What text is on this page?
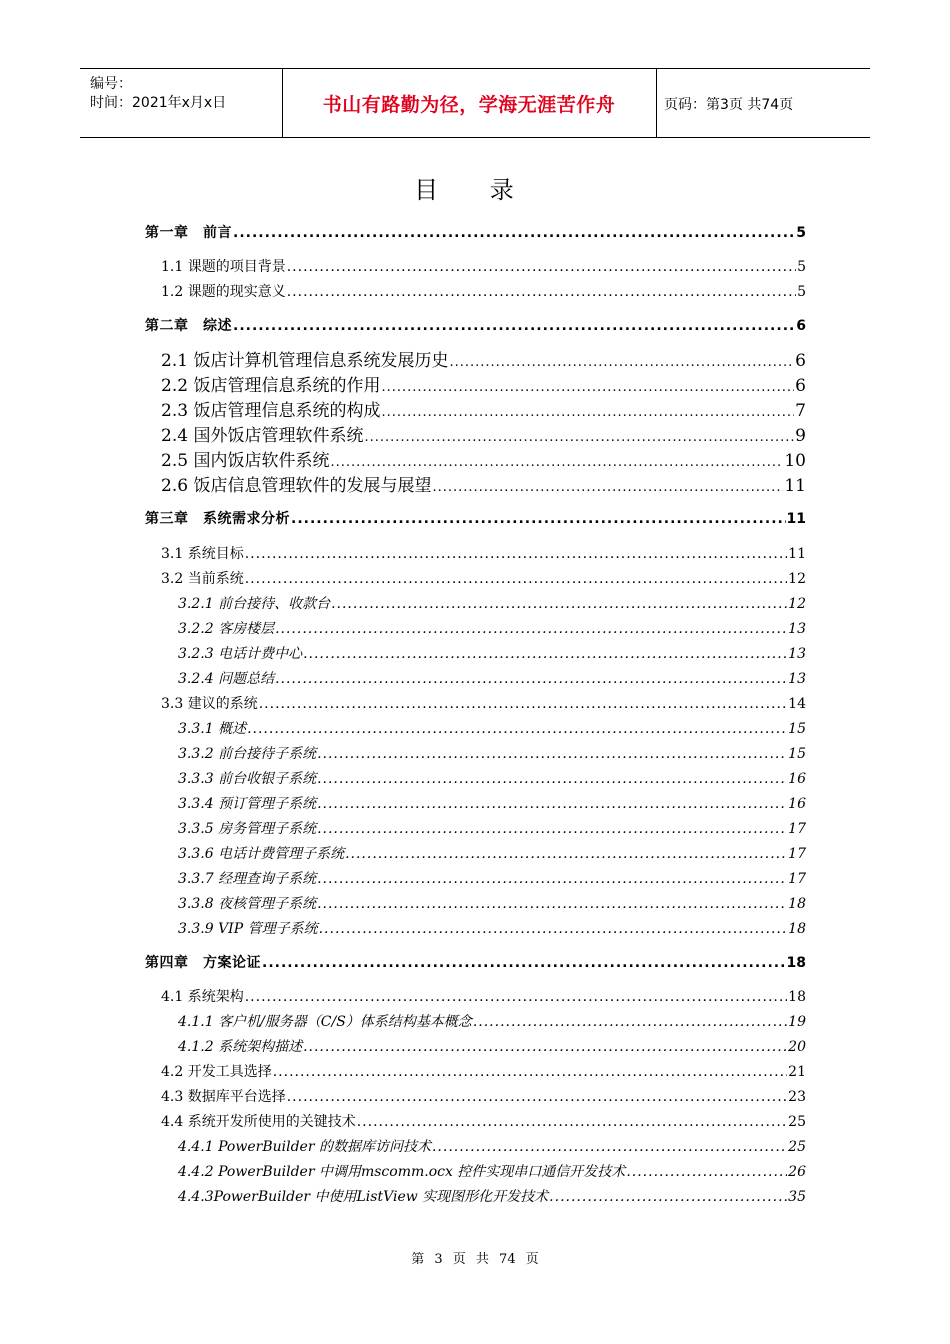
编号：
时间：2021年x月x日	书山有路勤为径，学海无涯苦作舟	页码：第3页 共74页
目 录
第一章　前言 .....	5
1.1 课题的项目背景 .....	5
1.2 课题的现实意义 .....	5
第二章　综述 .....	6
2.1 饭店计算机管理信息系统发展历史 .....	6
2.2 饭店管理信息系统的作用 .....	6
2.3 饭店管理信息系统的构成 .....	7
2.4 国外饭店管理软件系统 .....	9
2.5 国内饭店软件系统 .....	10
2.6 饭店信息管理软件的发展与展望 .....	11
第三章　系统需求分析 .....	11
3.1 系统目标 .....	11
3.2 当前系统 .....	12
3.2.1 前台接待、收款台 .....	12
3.2.2 客房楼层 .....	13
3.2.3 电话计费中心 .....	13
3.2.4 问题总结 .....	13
3.3 建议的系统 .....	14
3.3.1 概述 .....	15
3.3.2 前台接待子系统 .....	15
3.3.3 前台收银子系统 .....	16
3.3.4 预订管理子系统 .....	16
3.3.5 房务管理子系统 .....	17
3.3.6 电话计费管理子系统 .....	17
3.3.7 经理查询子系统 .....	17
3.3.8 夜核管理子系统 .....	18
3.3.9 VIP 管理子系统 .....	18
第四章　方案论证 .....	18
4.1 系统架构 .....	18
4.1.1 客户机/服务器（C/S）体系结构基本概念 .....	19
4.1.2 系统架构描述 .....	20
4.2 开发工具选择 .....	21
4.3 数据库平台选择 .....	23
4.4 系统开发所使用的关键技术 .....	25
4.4.1 PowerBuilder 的数据库访问技术 .....	25
4.4.2 PowerBuilder 中调用mscomm.ocx 控件实现串口通信开发技术 .....	26
4.4.3PowerBuilder 中使用ListView 实现图形化开发技术 .....	35
第 3 页 共 74 页
